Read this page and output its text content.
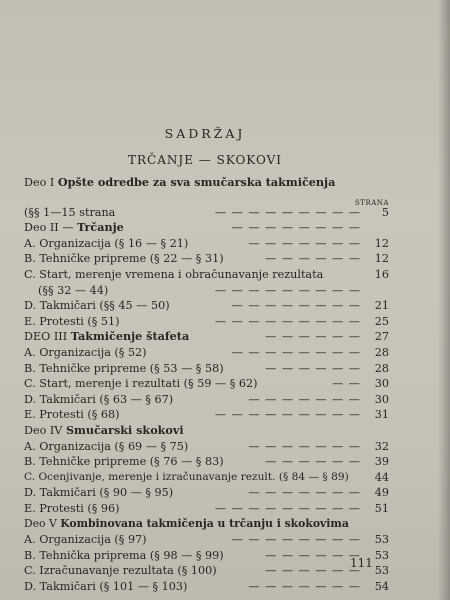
SADRŽAJ
TRČANJE — SKOKOVI
Deo I Opšte odredbe za sva smučarska takmičenja
STRANA
(§§ 1—15 strana	— — — — — — — — — 5
Deo II — Trčanje	— — — — — — — —
A. Organizacija (§ 16 — § 21)	— — — — — — — 12
B. Tehničke pripreme (§ 22 — § 31)	— — — — — — 12
C. Start, merenje vremena i obračunavanje rezultata	16
(§§ 32 — 44)	— — — — — — — — —
D. Takmičari (§§ 45 — 50)	— — — — — — — — 21
E. Protesti (§ 51)	— — — — — — — — — 25
DEO III Takmičenje štafeta	— — — — — — 27
A. Organizacija (§ 52)	— — — — — — — — 28
B. Tehničke pripreme (§ 53 — § 58)	— — — — — — 28
C. Start, merenje i rezultati (§ 59 — § 62)	— — 30
D. Takmičari (§ 63 — § 67)	— — — — — — — 30
E. Protesti (§ 68)	— — — — — — — — — 31
Deo IV Smučarski skokovi
A. Organizacija (§ 69 — § 75)	— — — — — — — 32
B. Tehničke pripreme (§ 76 — § 83)	— — — — — — 39
C. Ocenjivanje, merenje i izračunavanje rezult. (§ 84 — § 89) 44
D. Takmičari (§ 90 — § 95)	— — — — — — — 49
E. Protesti (§ 96)	— — — — — — — — — 51
Deo V Kombinovana takmičenja u trčanju i skokovima
A. Organizacija (§ 97)	— — — — — — — — 53
B. Tehnička priprema (§ 98 — § 99)	— — — — — — 53
C. Izračunavanje rezultata (§ 100)	— — — — — — 53
D. Takmičari (§ 101 — § 103)	— — — — — — — 54
111
